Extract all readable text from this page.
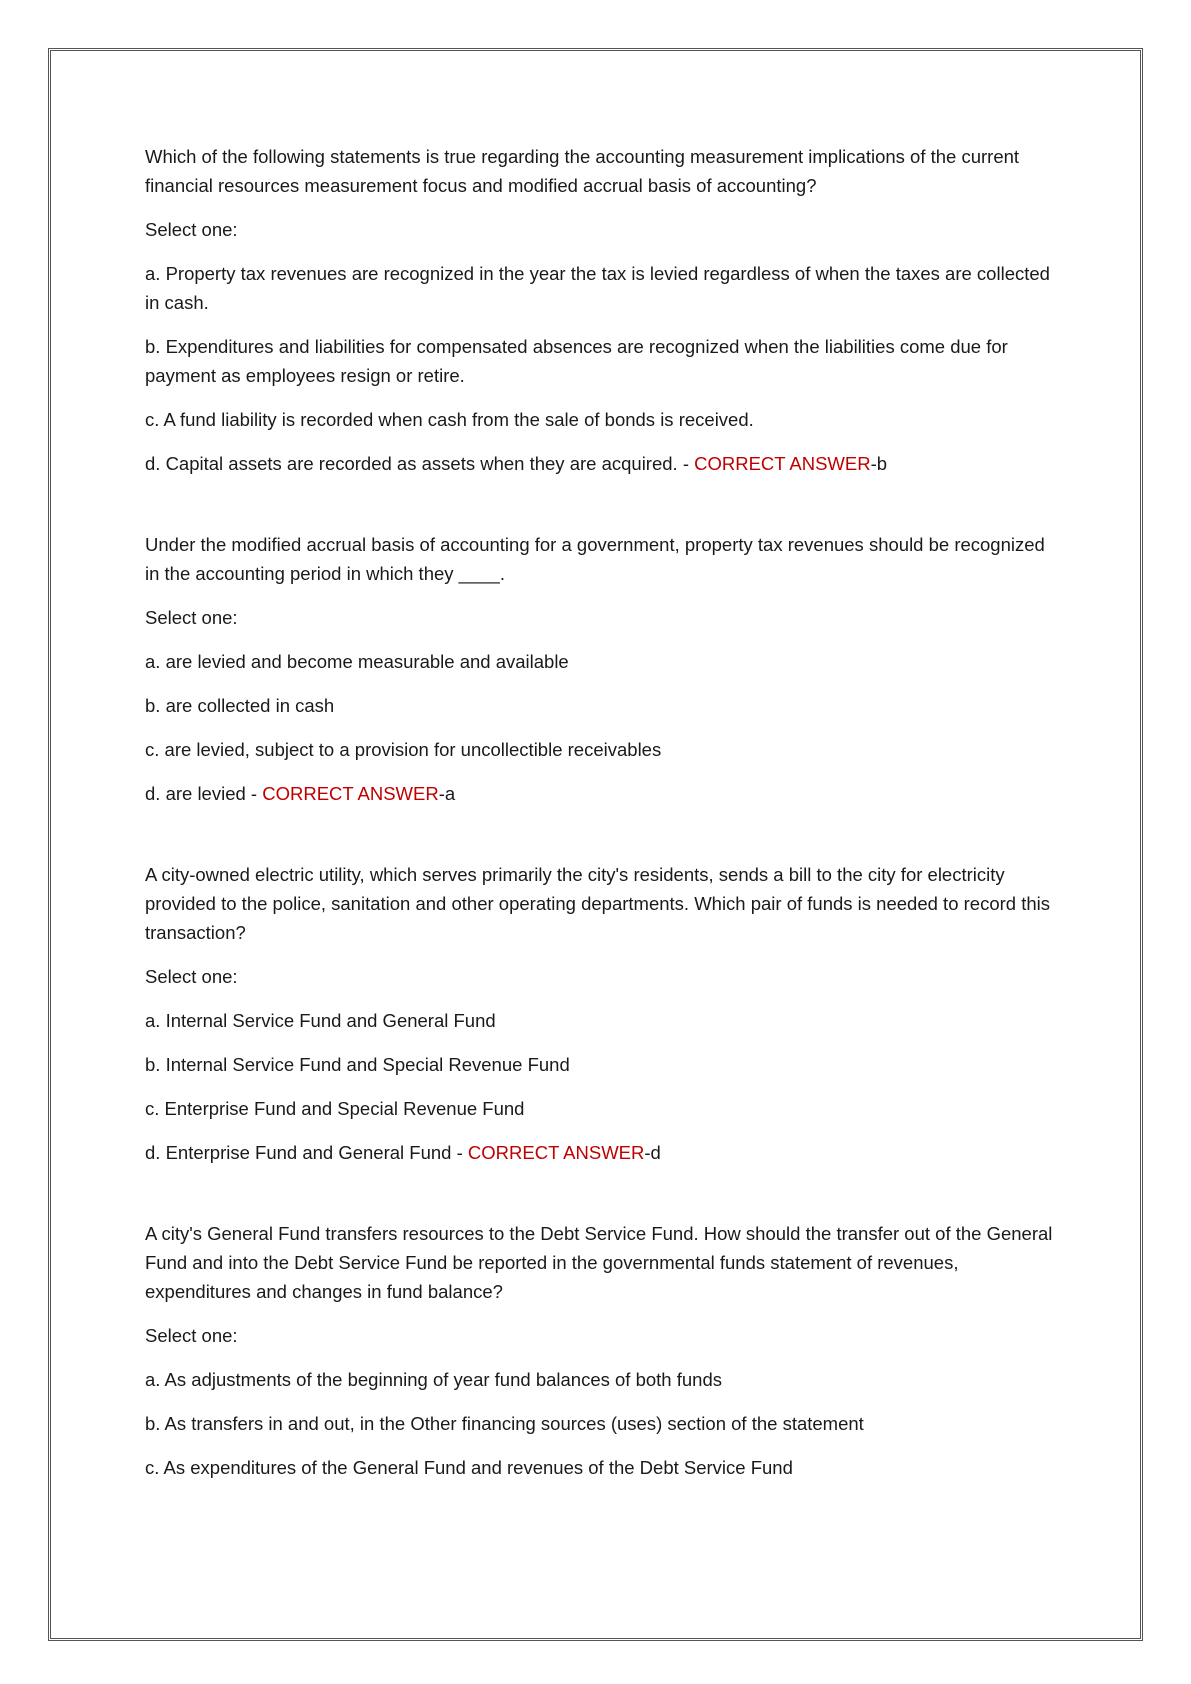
Which of the following statements is true regarding the accounting measurement implications of the current financial resources measurement focus and modified accrual basis of accounting?

Select one:

a. Property tax revenues are recognized in the year the tax is levied regardless of when the taxes are collected in cash.

b. Expenditures and liabilities for compensated absences are recognized when the liabilities come due for payment as employees resign or retire.

c. A fund liability is recorded when cash from the sale of bonds is received.

d. Capital assets are recorded as assets when they are acquired. - CORRECT ANSWER-b

Under the modified accrual basis of accounting for a government, property tax revenues should be recognized in the accounting period in which they ____.

Select one:

a. are levied and become measurable and available

b. are collected in cash

c. are levied, subject to a provision for uncollectible receivables

d. are levied - CORRECT ANSWER-a

A city-owned electric utility, which serves primarily the city's residents, sends a bill to the city for electricity provided to the police, sanitation and other operating departments. Which pair of funds is needed to record this transaction?

Select one:

a. Internal Service Fund and General Fund

b. Internal Service Fund and Special Revenue Fund

c. Enterprise Fund and Special Revenue Fund

d. Enterprise Fund and General Fund - CORRECT ANSWER-d

A city's General Fund transfers resources to the Debt Service Fund. How should the transfer out of the General Fund and into the Debt Service Fund be reported in the governmental funds statement of revenues, expenditures and changes in fund balance?

Select one:

a. As adjustments of the beginning of year fund balances of both funds

b. As transfers in and out, in the Other financing sources (uses) section of the statement

c. As expenditures of the General Fund and revenues of the Debt Service Fund
